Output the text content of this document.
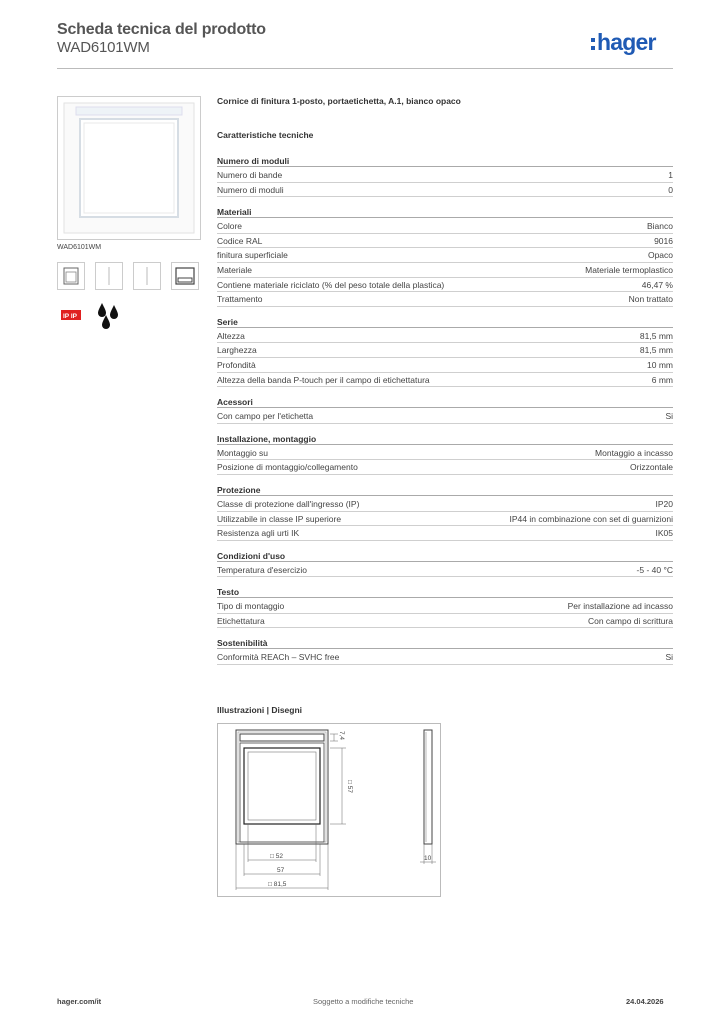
Scheda tecnica del prodotto
WAD6101WM	hager
WAD6101WM
IP IP
Cornice di finitura 1-posto, portaetichetta, A.1, bianco opaco
Caratteristiche tecniche
Numero di moduli
Numero di bande	1
Numero di moduli	0
Materiali
Colore	Bianco
Codice RAL	9016
finitura superficiale	Opaco
Materiale	Materiale termoplastico
Contiene materiale riciclato (% del peso totale della plastica)	46,47 %
Trattamento	Non trattato
Serie
Altezza	81,5 mm
Larghezza	81,5 mm
Profondità	10 mm
Altezza della banda P-touch per il campo di etichettatura	6 mm
Acessori
Con campo per l'etichetta	Si
Installazione, montaggio
Montaggio su	Montaggio a incasso
Posizione di montaggio/collegamento	Orizzontale
Protezione
Classe di protezione dall'ingresso (IP)	IP20
Utilizzabile in classe IP superiore	IP44 in combinazione con set di guarnizioni
Resistenza agli urti IK	IK05
Condizioni d'uso
Temperatura d'esercizio	-5 - 40 °C
Testo
Tipo di montaggio	Per installazione ad incasso
Etichettatura	Con campo di scrittura
Sostenibilità
Conformità REACh – SVHC free	Si
Illustrazioni | Disegni
7,4
□ 57
□ 52
57
□ 81,5
10
hager.com/it	Soggetto a modifiche tecniche	24.04.2026
